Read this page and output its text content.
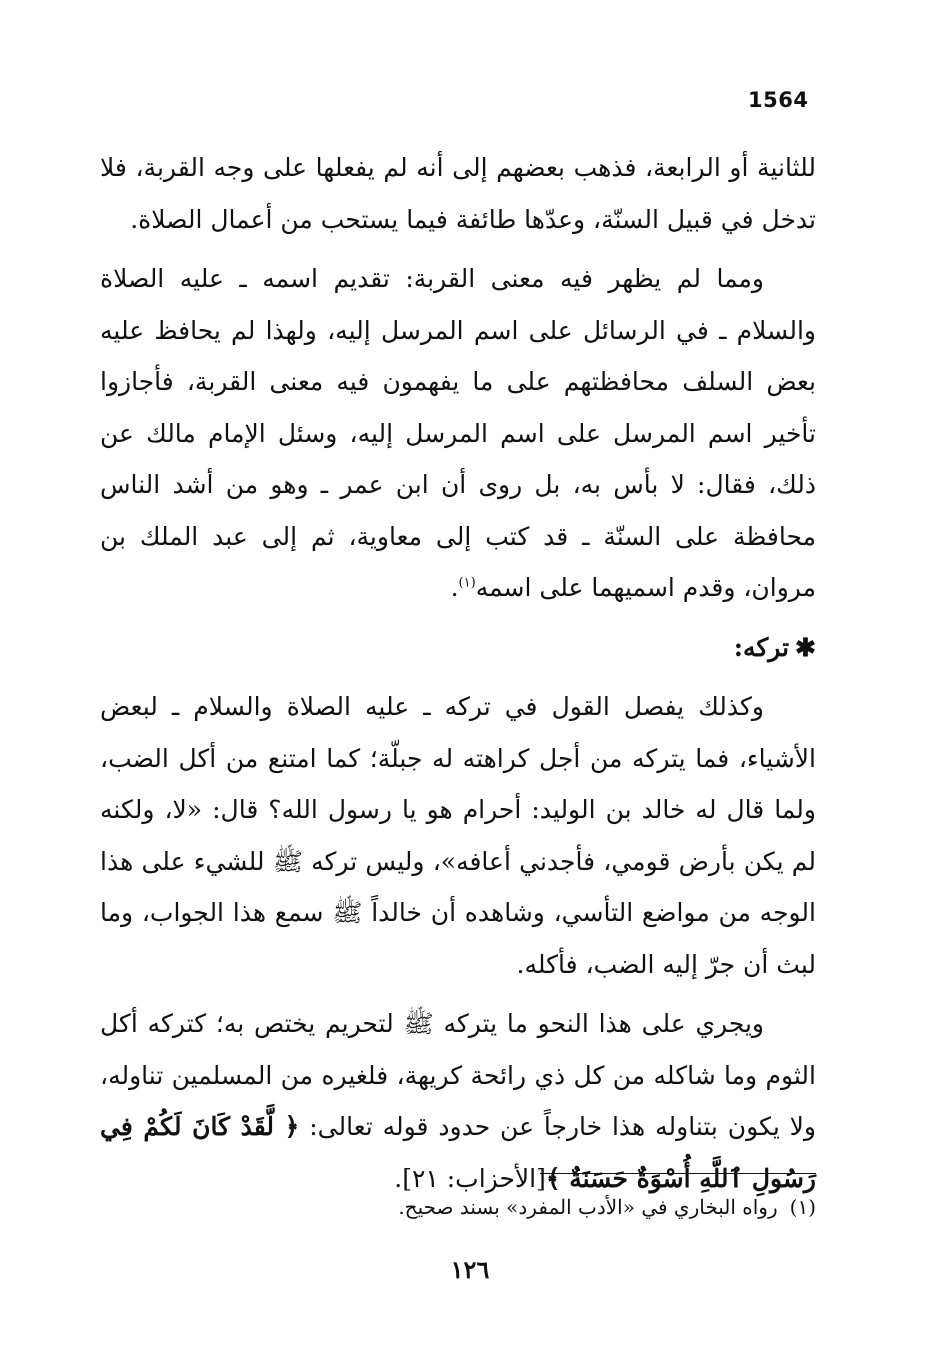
1564

للثانية أو الرابعة، فذهب بعضهم إلى أنه لم يفعلها على وجه القربة، فلا تدخل في قبيل السنّة، وعدّها طائفة فيما يستحب من أعمال الصلاة.

ومما لم يظهر فيه معنى القربة: تقديم اسمه ـ عليه الصلاة والسلام ـ في الرسائل على اسم المرسل إليه، ولهذا لم يحافظ عليه بعض السلف محافظتهم على ما يفهمون فيه معنى القربة، فأجازوا تأخير اسم المرسل على اسم المرسل إليه، وسئل الإمام مالك عن ذلك، فقال: لا بأس به، بل روى أن ابن عمر ـ وهو من أشد الناس محافظة على السنّة ـ قد كتب إلى معاوية، ثم إلى عبد الملك بن مروان، وقدم اسميهما على اسمه$^{(١)}$.

✱تركه:

وكذلك يفصل القول في تركه ـ عليه الصلاة والسلام ـ لبعض الأشياء، فما يتركه من أجل كراهته له جبلّة؛ كما امتنع من أكل الضب، ولما قال له خالد بن الوليد: أحرام هو يا رسول الله؟ قال: «لا، ولكنه لم يكن بأرض قومي، فأجدني أعافه»، وليس تركه ﷺ للشيء على هذا الوجه من مواضع التأسي، وشاهده أن خالداً ﷺ سمع هذا الجواب، وما لبث أن جرّ إليه الضب، فأكله.

ويجري على هذا النحو ما يتركه ﷺ لتحريم يختص به؛ كتركه أكل الثوم وما شاكله من كل ذي رائحة كريهة، فلغيره من المسلمين تناوله، ولا يكون بتناوله هذا خارجاً عن حدود قوله تعالى: ﴿ لَّقَدْ كَانَ لَكُمْ فِي رَسُولِ ٱللَّهِ أُسْوَةٌ حَسَنَةٌ ﴾[الأحزاب: ٢١].

(١)رواه البخاري في «الأدب المفرد» بسند صحيح.
١٢٦
